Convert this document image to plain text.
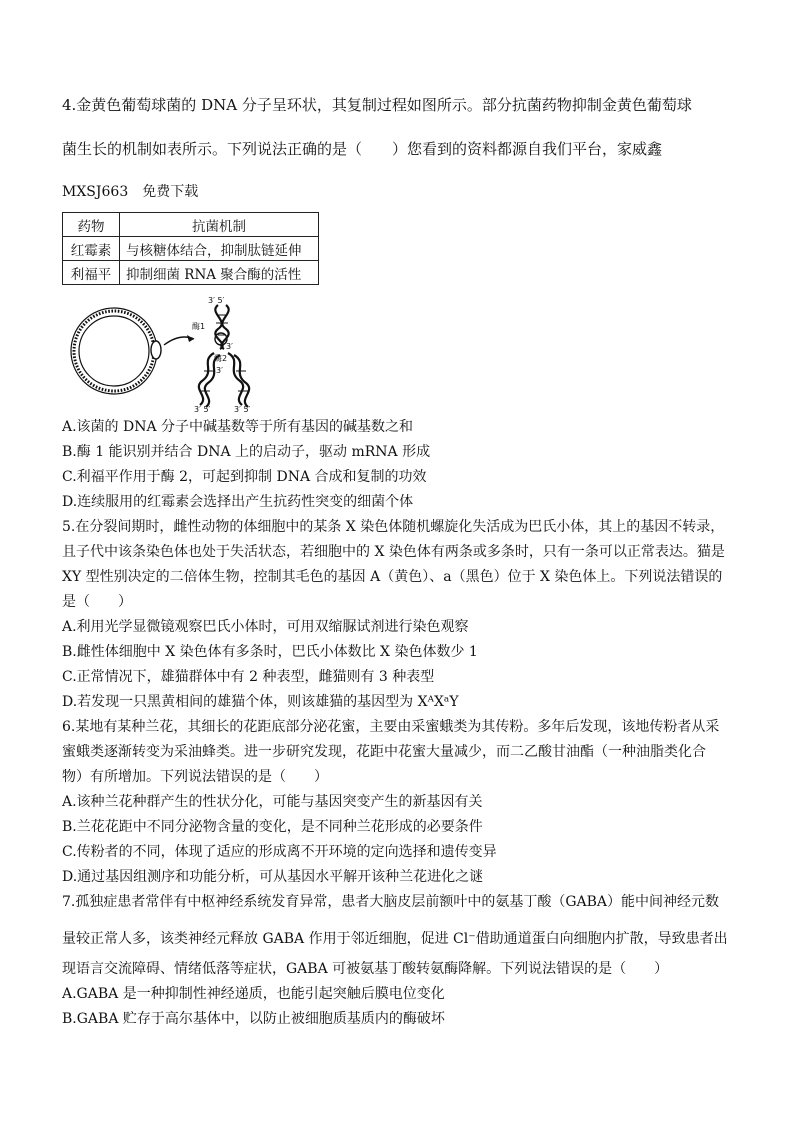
4.金黄色葡萄球菌的 DNA 分子呈环状，其复制过程如图所示。部分抗菌药物抑制金黄色葡萄球
菌生长的机制如表所示。下列说法正确的是（　　）您看到的资料都源自我们平台，家威鑫
MXSJ663　免费下载
药物	抗菌机制
红霉素	与核糖体结合，抑制肽链延伸
利福平	抑制细菌 RNA 聚合酶的活性
3′ 5′
酶1
酶2
3′
3′
3′ 5′	3′ 5′
A.该菌的 DNA 分子中碱基数等于所有基因的碱基数之和
B.酶 1 能识别并结合 DNA 上的启动子，驱动 mRNA 形成
C.利福平作用于酶 2，可起到抑制 DNA 合成和复制的功效
D.连续服用的红霉素会选择出产生抗药性突变的细菌个体
5.在分裂间期时，雌性动物的体细胞中的某条 X 染色体随机螺旋化失活成为巴氏小体，其上的基因不转录，
且子代中该条染色体也处于失活状态，若细胞中的 X 染色体有两条或多条时，只有一条可以正常表达。猫是
XY 型性别决定的二倍体生物，控制其毛色的基因 A（黄色）、a（黑色）位于 X 染色体上。下列说法错误的
是（　　）
A.利用光学显微镜观察巴氏小体时，可用双缩脲试剂进行染色观察
B.雌性体细胞中 X 染色体有多条时，巴氏小体数比 X 染色体数少 1
C.正常情况下，雄猫群体中有 2 种表型，雌猫则有 3 种表型
D.若发现一只黑黄相间的雄猫个体，则该雄猫的基因型为 XᴬXᵃY
6.某地有某种兰花，其细长的花距底部分泌花蜜，主要由采蜜蛾类为其传粉。多年后发现，该地传粉者从采
蜜蛾类逐渐转变为采油蜂类。进一步研究发现，花距中花蜜大量减少，而二乙酸甘油酯（一种油脂类化合
物）有所增加。下列说法错误的是（　　）
A.该种兰花种群产生的性状分化，可能与基因突变产生的新基因有关
B.兰花花距中不同分泌物含量的变化，是不同种兰花形成的必要条件
C.传粉者的不同，体现了适应的形成离不开环境的定向选择和遗传变异
D.通过基因组测序和功能分析，可从基因水平解开该种兰花进化之谜
7.孤独症患者常伴有中枢神经系统发育异常，患者大脑皮层前额叶中的氨基丁酸（GABA）能中间神经元数
量较正常人多，该类神经元释放 GABA 作用于邻近细胞，促进 Cl⁻借助通道蛋白向细胞内扩散，导致患者出
现语言交流障碍、情绪低落等症状，GABA 可被氨基丁酸转氨酶降解。下列说法错误的是（　　）
A.GABA 是一种抑制性神经递质，也能引起突触后膜电位变化
B.GABA 贮存于高尔基体中，以防止被细胞质基质内的酶破坏
